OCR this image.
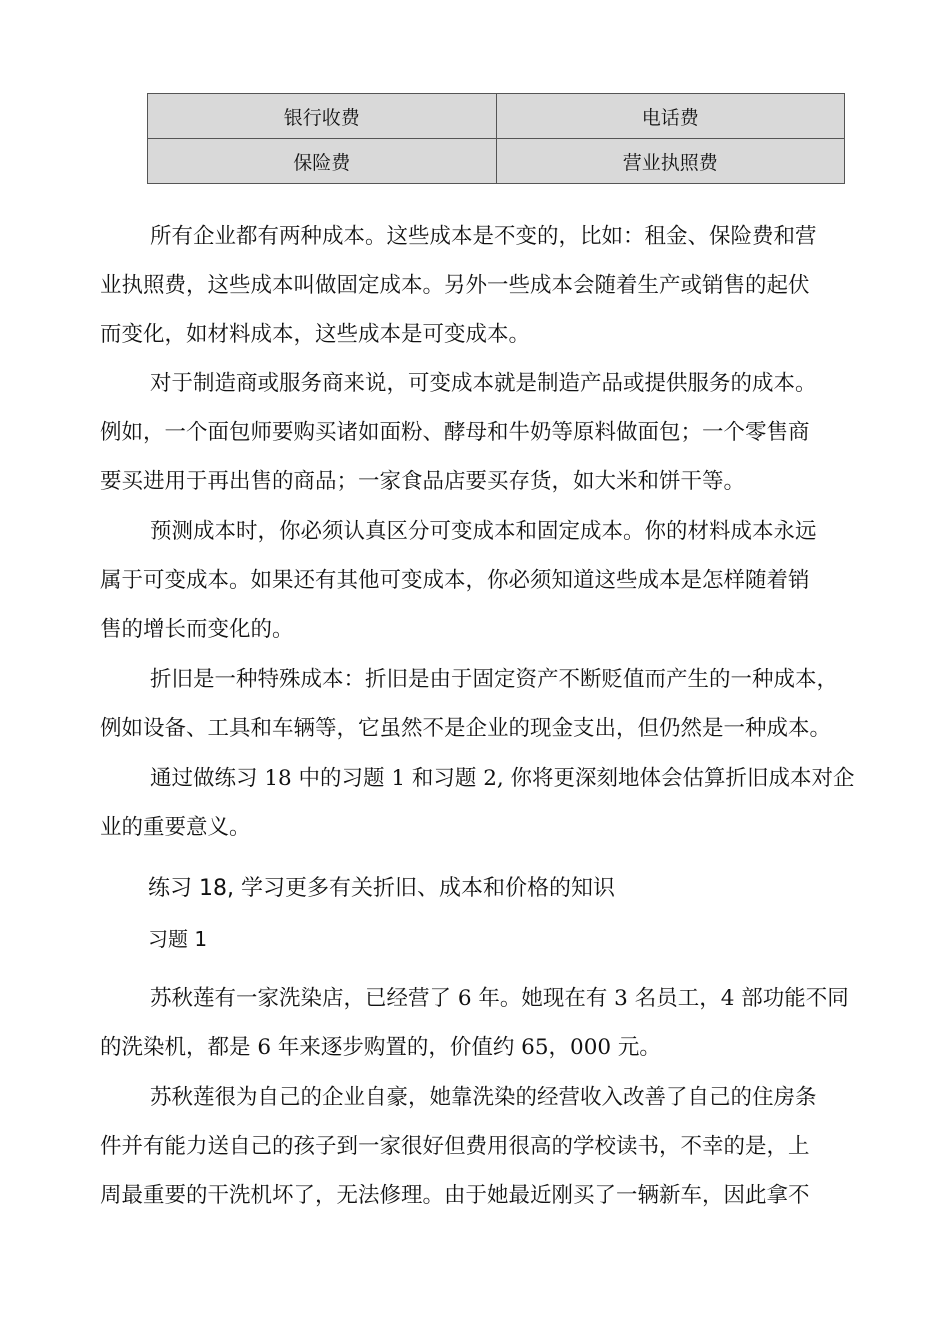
银行收费	电话费
保险费	营业执照费
所有企业都有两种成本。这些成本是不变的，比如：租金、保险费和营
业执照费，这些成本叫做固定成本。另外一些成本会随着生产或销售的起伏
而变化，如材料成本，这些成本是可变成本。
对于制造商或服务商来说，可变成本就是制造产品或提供服务的成本。
例如，一个面包师要购买诸如面粉、酵母和牛奶等原料做面包；一个零售商
要买进用于再出售的商品；一家食品店要买存货，如大米和饼干等。
预测成本时，你必须认真区分可变成本和固定成本。你的材料成本永远
属于可变成本。如果还有其他可变成本，你必须知道这些成本是怎样随着销
售的增长而变化的。
折旧是一种特殊成本：折旧是由于固定资产不断贬值而产生的一种成本，
例如设备、工具和车辆等，它虽然不是企业的现金支出，但仍然是一种成本。
通过做练习 18 中的习题 1 和习题 2, 你将更深刻地体会估算折旧成本对企
业的重要意义。
练习 18, 学习更多有关折旧、成本和价格的知识
习题 1
苏秋莲有一家洗染店，已经营了 6 年。她现在有 3 名员工，4 部功能不同
的洗染机，都是 6 年来逐步购置的，价值约 65，000 元。
苏秋莲很为自己的企业自豪，她靠洗染的经营收入改善了自己的住房条
件并有能力送自己的孩子到一家很好但费用很高的学校读书，不幸的是，上
周最重要的干洗机坏了，无法修理。由于她最近刚买了一辆新车，因此拿不
